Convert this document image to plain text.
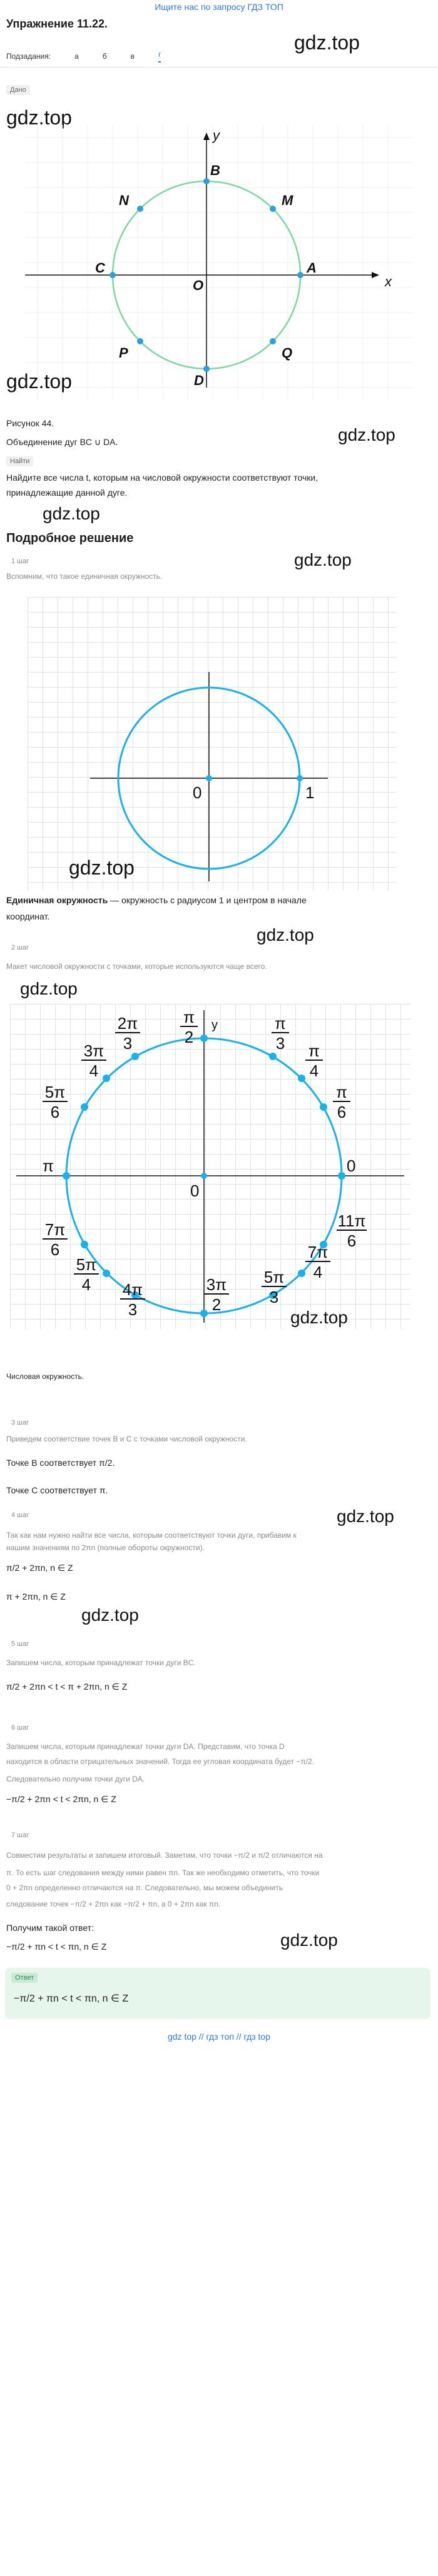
Ищите нас по запросу ГДЗ ТОП
Упражнение 11.22.
gdz.top
Подзадания:	а	б	в	г
Дано
gdz.top
y
x
B
M
N
C
O
A
P	Q
D
gdz.top
Рисунок 44.
Объединение дуг BC ∪ DA.	gdz.top
Найти
Найдите все числа t, которым на числовой окружности соответствуют точки,
принадлежащие данной дуге.
gdz.top
Подробное решение
gdz.top
1 шаг
Вспомним, что такое единичная окружность.
0	1
gdz.top
Единичная окружность — окружность с радиусом 1 и центром в начале
координат.
gdz.top
2 шаг
Макет числовой окружности с точками, которые используются чаще всего.
gdz.top
y
0
π
0
π
2
π
3 π
4
π
6
2π
3
3π
4
5π
6
7π
6
5π
4 4π
3
3π
2
5π
3
7π
4
11π
6
gdz.top
Числовая окружность.
3 шаг
Приведем соответствие точек B и C с точками числовой окружности.
Точке B соответствует π/2.
Точке C соответствует π.
4 шаг	gdz.top
Так как нам нужно найти все числа, которым соответствуют точки дуги, прибавим к
нашим значениям по 2πn (полные обороты окружности).
π/2 + 2πn, n ∈ Z
π + 2πn, n ∈ Z
gdz.top
5 шаг
Запишем числа, которым принадлежат точки дуги BC.
π/2 + 2πn < t < π + 2πn, n ∈ Z
6 шаг
Запишем числа, которым принадлежат точки дуги DA. Представим, что точка D
находится в области отрицательных значений. Тогда ее угловая координата будет −π/2.
Следовательно получим точки дуги DA.
−π/2 + 2πn < t < 2πn, n ∈ Z
7 шаг
Совместим результаты и запишем итоговый. Заметим, что точки −π/2 и π/2 отличаются на
π. То есть шаг следования между ними равен πn. Так же необходимо отметить, что точки
0 + 2πn определенно отличаются на π. Следовательно, мы можем объединить
следование точек −π/2 + 2πn как −π/2 + πn, а 0 + 2πn как πn.
Получим такой ответ:
−π/2 + πn < t < πn, n ∈ Z	gdz.top
Ответ
−π/2 + πn < t < πn, n ∈ Z
gdz top // гдз топ // гдз top
